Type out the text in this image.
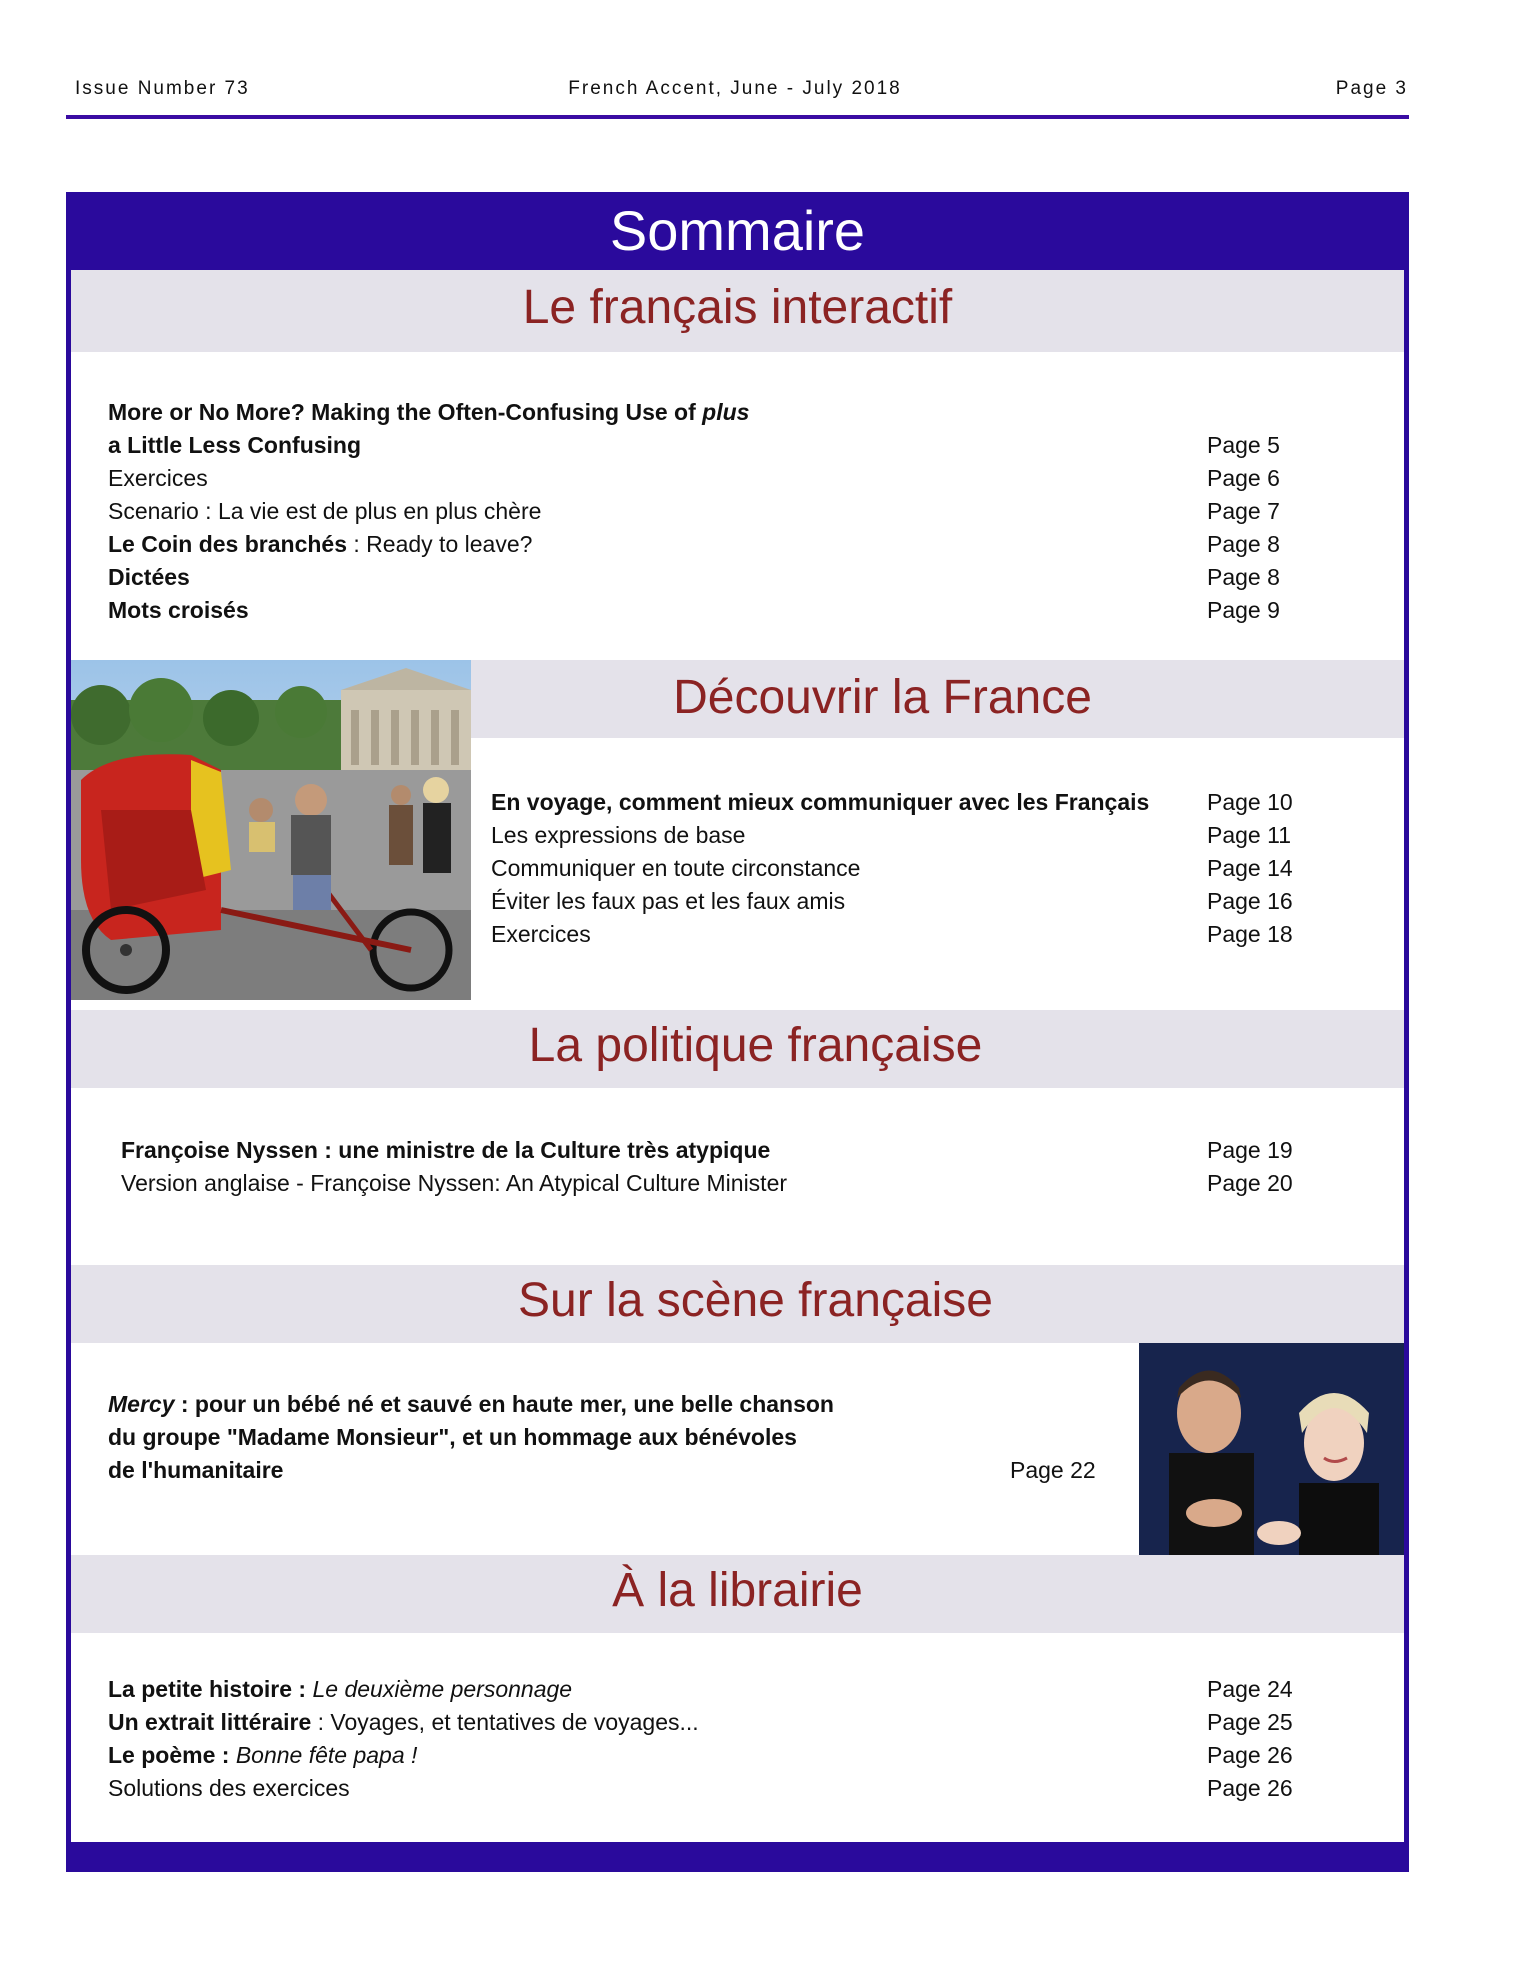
Issue Number 73	French Accent, June - July 2018	Page 3
Sommaire
Le français interactif
More or No More? Making the Often-Confusing Use of plus
a Little Less Confusing	Page 5
Exercices	Page 6
Scenario : La vie est de plus en plus chère	Page 7
Le Coin des branchés : Ready to leave?	Page 8
Dictées	Page 8
Mots croisés	Page 9
Découvrir la France
En voyage, comment mieux communiquer avec les Français	Page 10
Les expressions de base	Page 11
Communiquer en toute circonstance	Page 14
Éviter les faux pas et les faux amis	Page 16
Exercices	Page 18
La politique française
Françoise Nyssen : une ministre de la Culture très atypique	Page 19
Version anglaise - Françoise Nyssen: An Atypical Culture Minister	Page 20
Sur la scène française
Mercy : pour un bébé né et sauvé en haute mer, une belle chanson
du groupe "Madame Monsieur", et un hommage aux bénévoles
de l'humanitaire	Page 22
À la librairie
La petite histoire : Le deuxième personnage	Page 24
Un extrait littéraire : Voyages, et tentatives de voyages...	Page 25
Le poème : Bonne fête papa !	Page 26
Solutions des exercices	Page 26
